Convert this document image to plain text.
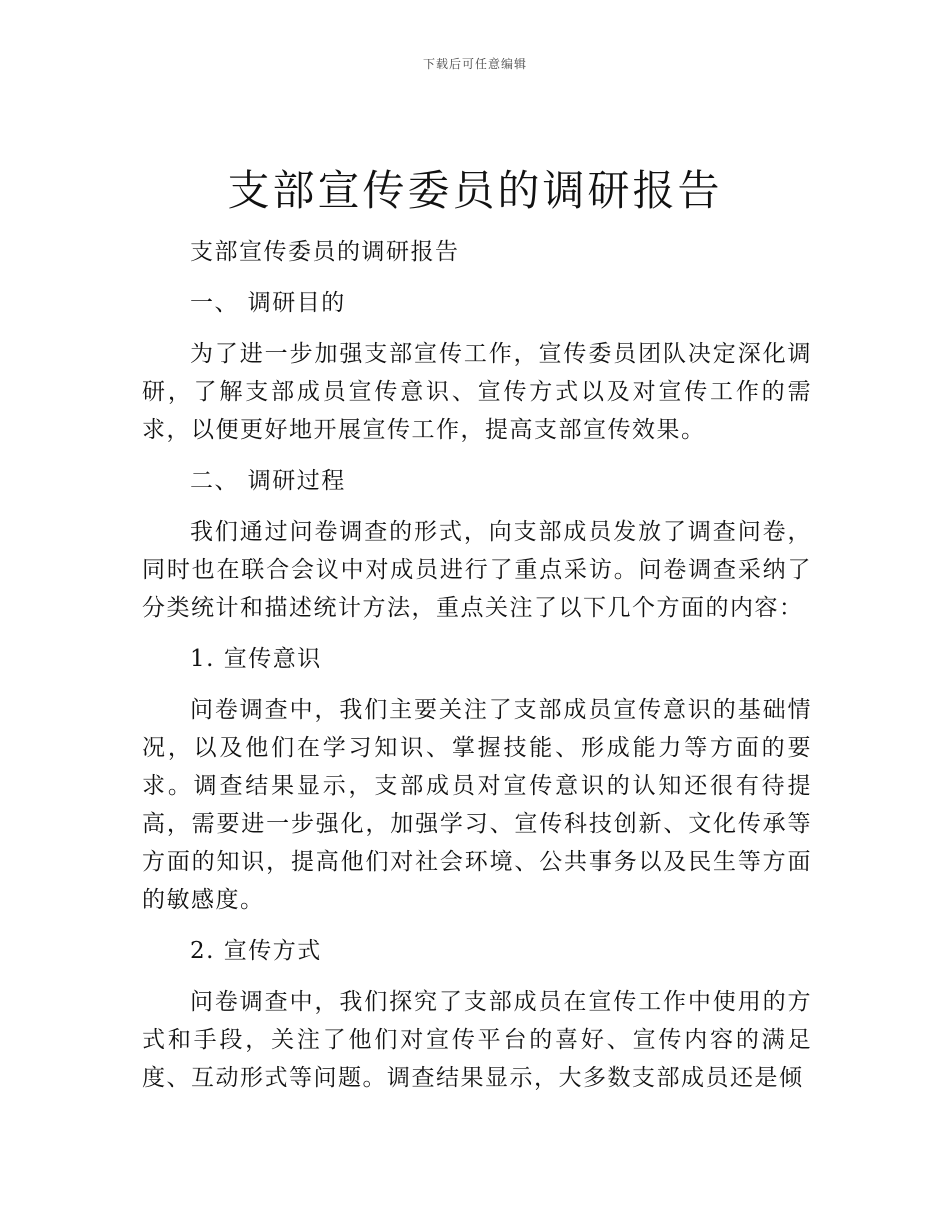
下载后可任意编辑
支部宣传委员的调研报告

支部宣传委员的调研报告

一、 调研目的

为了进一步加强支部宣传工作，宣传委员团队决定深化调研，了解支部成员宣传意识、宣传方式以及对宣传工作的需求，以便更好地开展宣传工作，提高支部宣传效果。

二、 调研过程

我们通过问卷调查的形式，向支部成员发放了调查问卷，同时也在联合会议中对成员进行了重点采访。问卷调查采纳了分类统计和描述统计方法，重点关注了以下几个方面的内容：

1. 宣传意识

问卷调查中，我们主要关注了支部成员宣传意识的基础情况，以及他们在学习知识、掌握技能、形成能力等方面的要求。调查结果显示，支部成员对宣传意识的认知还很有待提高，需要进一步强化，加强学习、宣传科技创新、文化传承等方面的知识，提高他们对社会环境、公共事务以及民生等方面的敏感度。

2. 宣传方式

问卷调查中，我们探究了支部成员在宣传工作中使用的方式和手段，关注了他们对宣传平台的喜好、宣传内容的满足度、互动形式等问题。调查结果显示，大多数支部成员还是倾
